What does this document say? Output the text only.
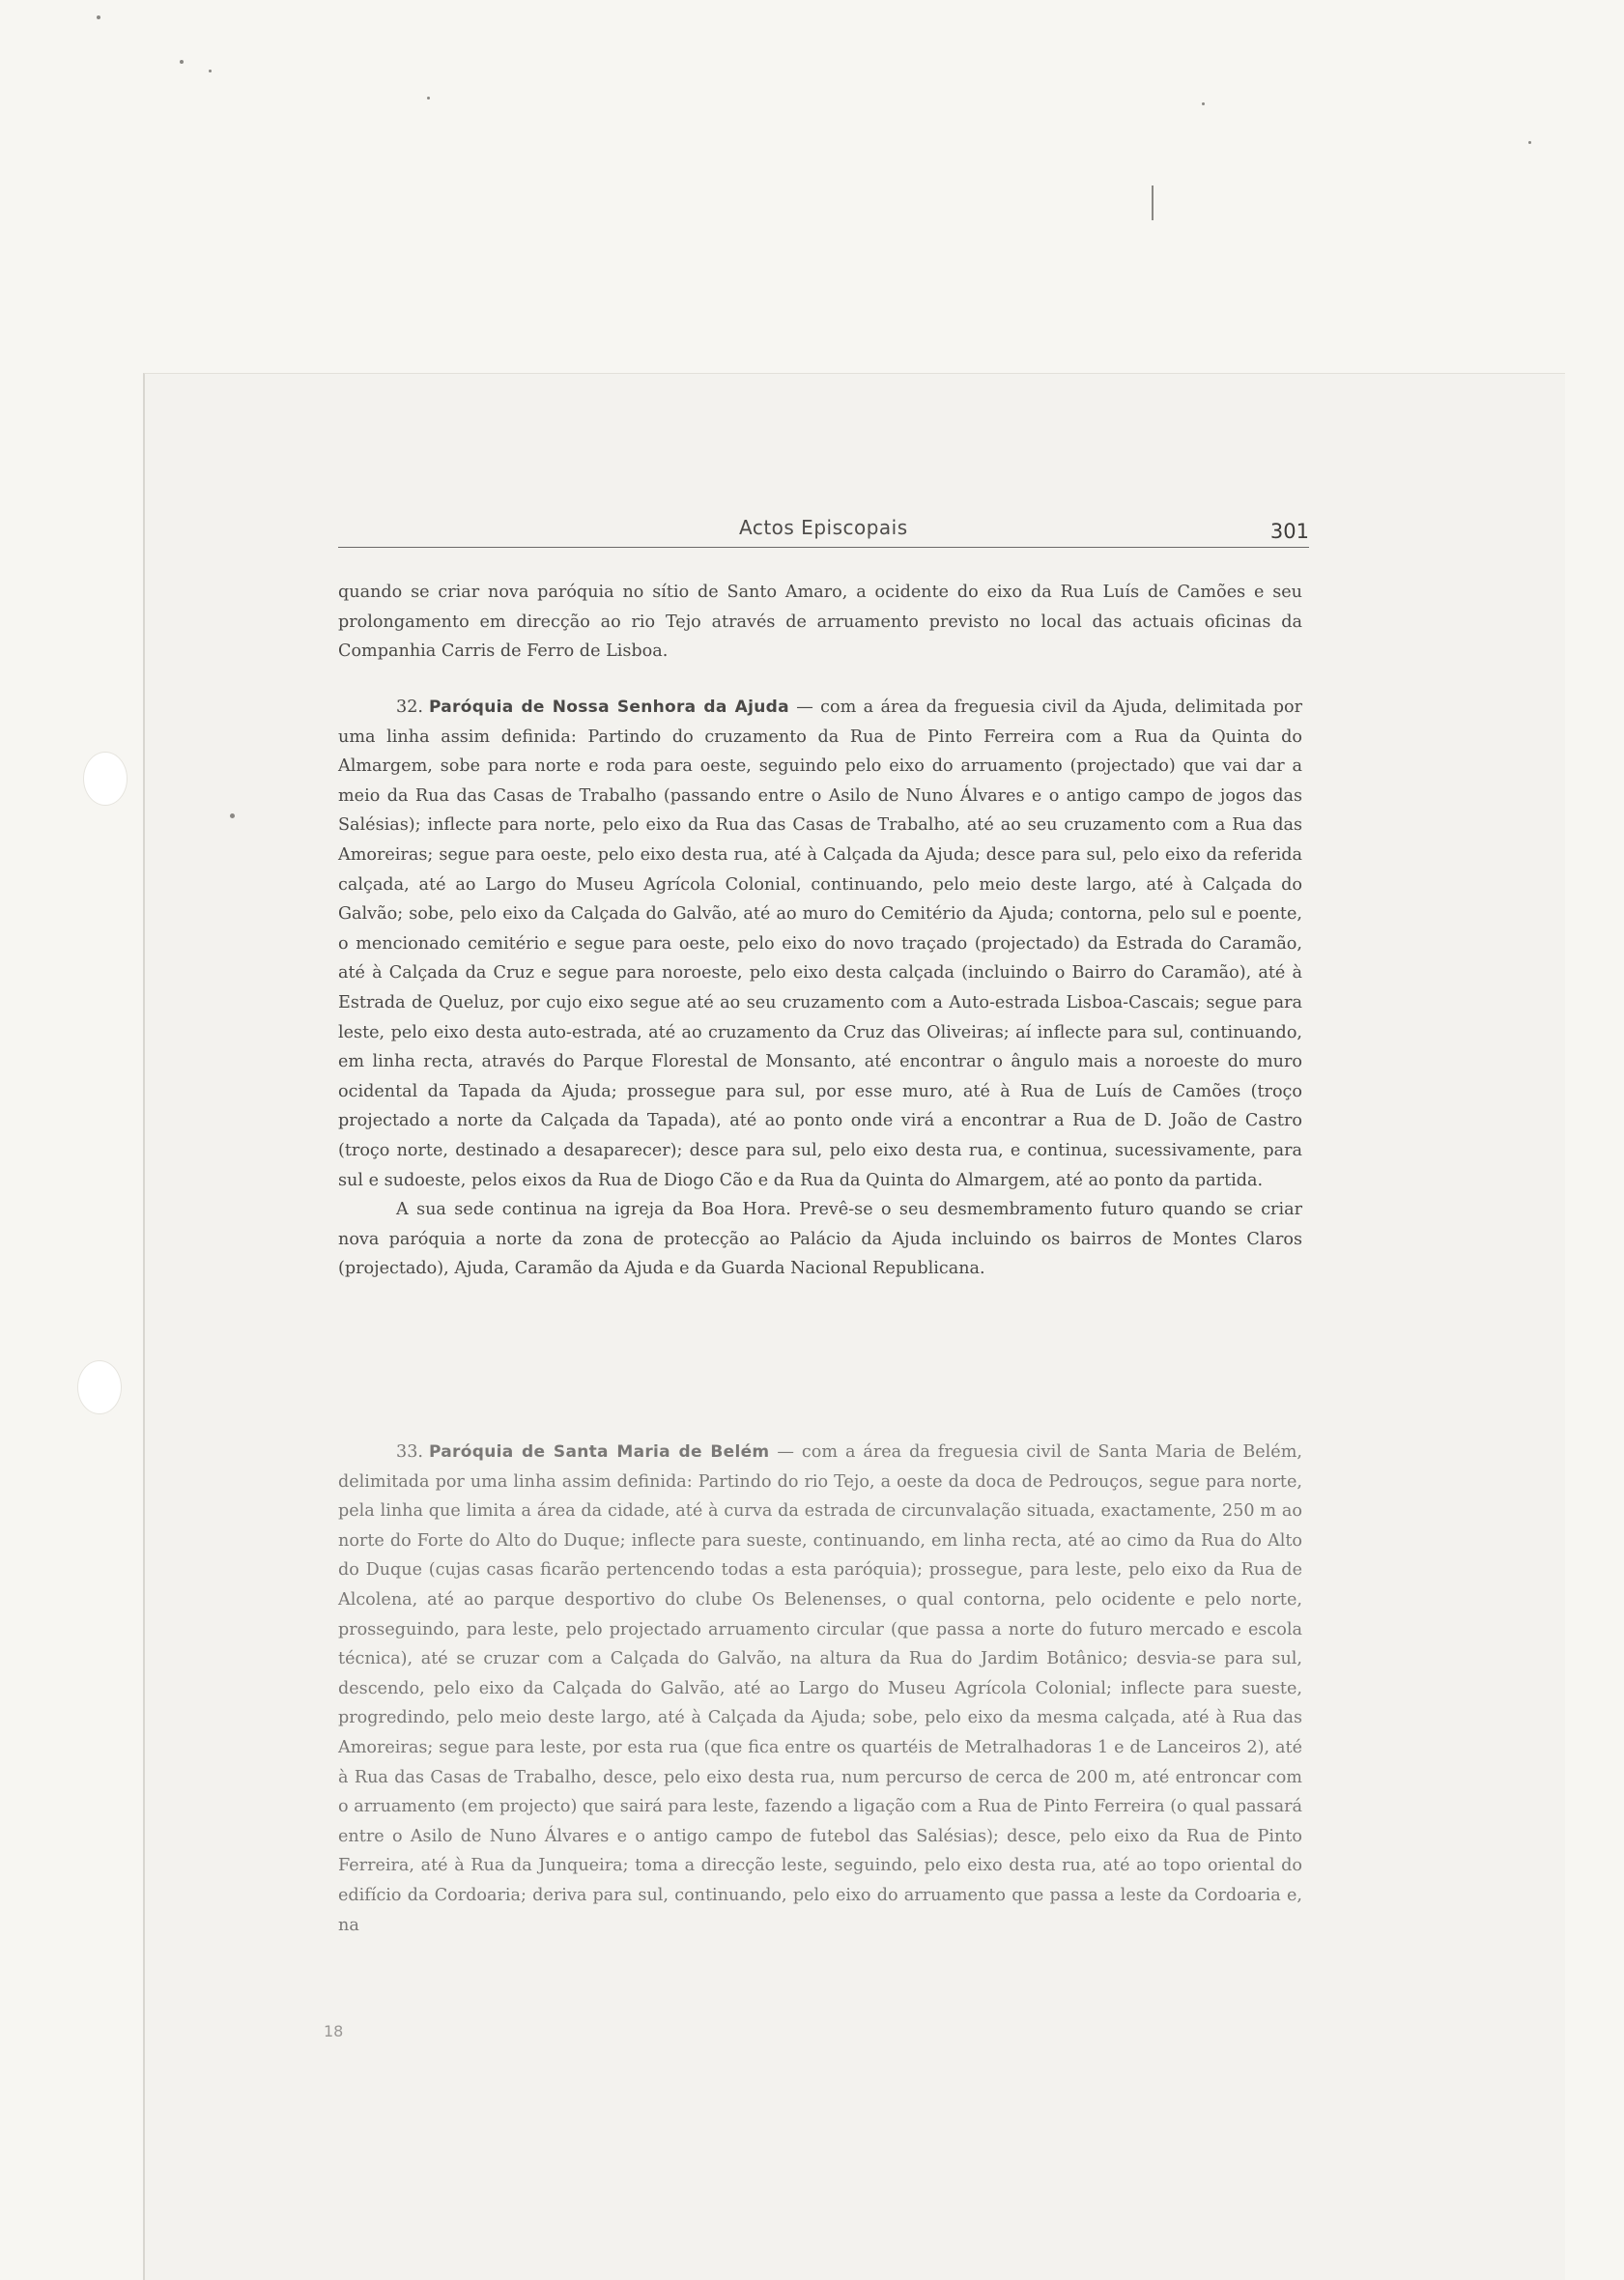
Actos Episcopais	301

quando se criar nova paróquia no sítio de Santo Amaro, a ocidente do eixo da Rua Luís de Camões e seu prolongamento em direcção ao rio Tejo através de arruamento previsto no local das actuais oficinas da Companhia Carris de Ferro de Lisboa.

32. Paróquia de Nossa Senhora da Ajuda — com a área da freguesia civil da Ajuda, delimitada por uma linha assim definida: Partindo do cruzamento da Rua de Pinto Ferreira com a Rua da Quinta do Almargem, sobe para norte e roda para oeste, seguindo pelo eixo do arruamento (projectado) que vai dar a meio da Rua das Casas de Trabalho (passando entre o Asilo de Nuno Álvares e o antigo campo de jogos das Salésias); inflecte para norte, pelo eixo da Rua das Casas de Trabalho, até ao seu cruzamento com a Rua das Amoreiras; segue para oeste, pelo eixo desta rua, até à Calçada da Ajuda; desce para sul, pelo eixo da referida calçada, até ao Largo do Museu Agrícola Colonial, continuando, pelo meio deste largo, até à Calçada do Galvão; sobe, pelo eixo da Calçada do Galvão, até ao muro do Cemitério da Ajuda; contorna, pelo sul e poente, o mencionado cemitério e segue para oeste, pelo eixo do novo traçado (projectado) da Estrada do Caramão, até à Calçada da Cruz e segue para noroeste, pelo eixo desta calçada (incluindo o Bairro do Caramão), até à Estrada de Queluz, por cujo eixo segue até ao seu cruzamento com a Auto-estrada Lisboa-Cascais; segue para leste, pelo eixo desta auto-estrada, até ao cruzamento da Cruz das Oliveiras; aí inflecte para sul, continuando, em linha recta, através do Parque Florestal de Monsanto, até encontrar o ângulo mais a noroeste do muro ocidental da Tapada da Ajuda; prossegue para sul, por esse muro, até à Rua de Luís de Camões (troço projectado a norte da Calçada da Tapada), até ao ponto onde virá a encontrar a Rua de D. João de Castro (troço norte, destinado a desaparecer); desce para sul, pelo eixo desta rua, e continua, sucessivamente, para sul e sudoeste, pelos eixos da Rua de Diogo Cão e da Rua da Quinta do Almargem, até ao ponto da partida.

A sua sede continua na igreja da Boa Hora. Prevê-se o seu desmembramento futuro quando se criar nova paróquia a norte da zona de protecção ao Palácio da Ajuda incluindo os bairros de Montes Claros (projectado), Ajuda, Caramão da Ajuda e da Guarda Nacional Republicana.

33. Paróquia de Santa Maria de Belém — com a área da freguesia civil de Santa Maria de Belém, delimitada por uma linha assim definida: Partindo do rio Tejo, a oeste da doca de Pedrouços, segue para norte, pela linha que limita a área da cidade, até à curva da estrada de circunvalação situada, exactamente, 250 m ao norte do Forte do Alto do Duque; inflecte para sueste, continuando, em linha recta, até ao cimo da Rua do Alto do Duque (cujas casas ficarão pertencendo todas a esta paróquia); prossegue, para leste, pelo eixo da Rua de Alcolena, até ao parque desportivo do clube Os Belenenses, o qual contorna, pelo ocidente e pelo norte, prosseguindo, para leste, pelo projectado arruamento circular (que passa a norte do futuro mercado e escola técnica), até se cruzar com a Calçada do Galvão, na altura da Rua do Jardim Botânico; desvia-se para sul, descendo, pelo eixo da Calçada do Galvão, até ao Largo do Museu Agrícola Colonial; inflecte para sueste, progredindo, pelo meio deste largo, até à Calçada da Ajuda; sobe, pelo eixo da mesma calçada, até à Rua das Amoreiras; segue para leste, por esta rua (que fica entre os quartéis de Metralhadoras 1 e de Lanceiros 2), até à Rua das Casas de Trabalho, desce, pelo eixo desta rua, num percurso de cerca de 200 m, até entroncar com o arruamento (em projecto) que sairá para leste, fazendo a ligação com a Rua de Pinto Ferreira (o qual passará entre o Asilo de Nuno Álvares e o antigo campo de futebol das Salésias); desce, pelo eixo da Rua de Pinto Ferreira, até à Rua da Junqueira; toma a direcção leste, seguindo, pelo eixo desta rua, até ao topo oriental do edifício da Cordoaria; deriva para sul, continuando, pelo eixo do arruamento que passa a leste da Cordoaria e, na

18
